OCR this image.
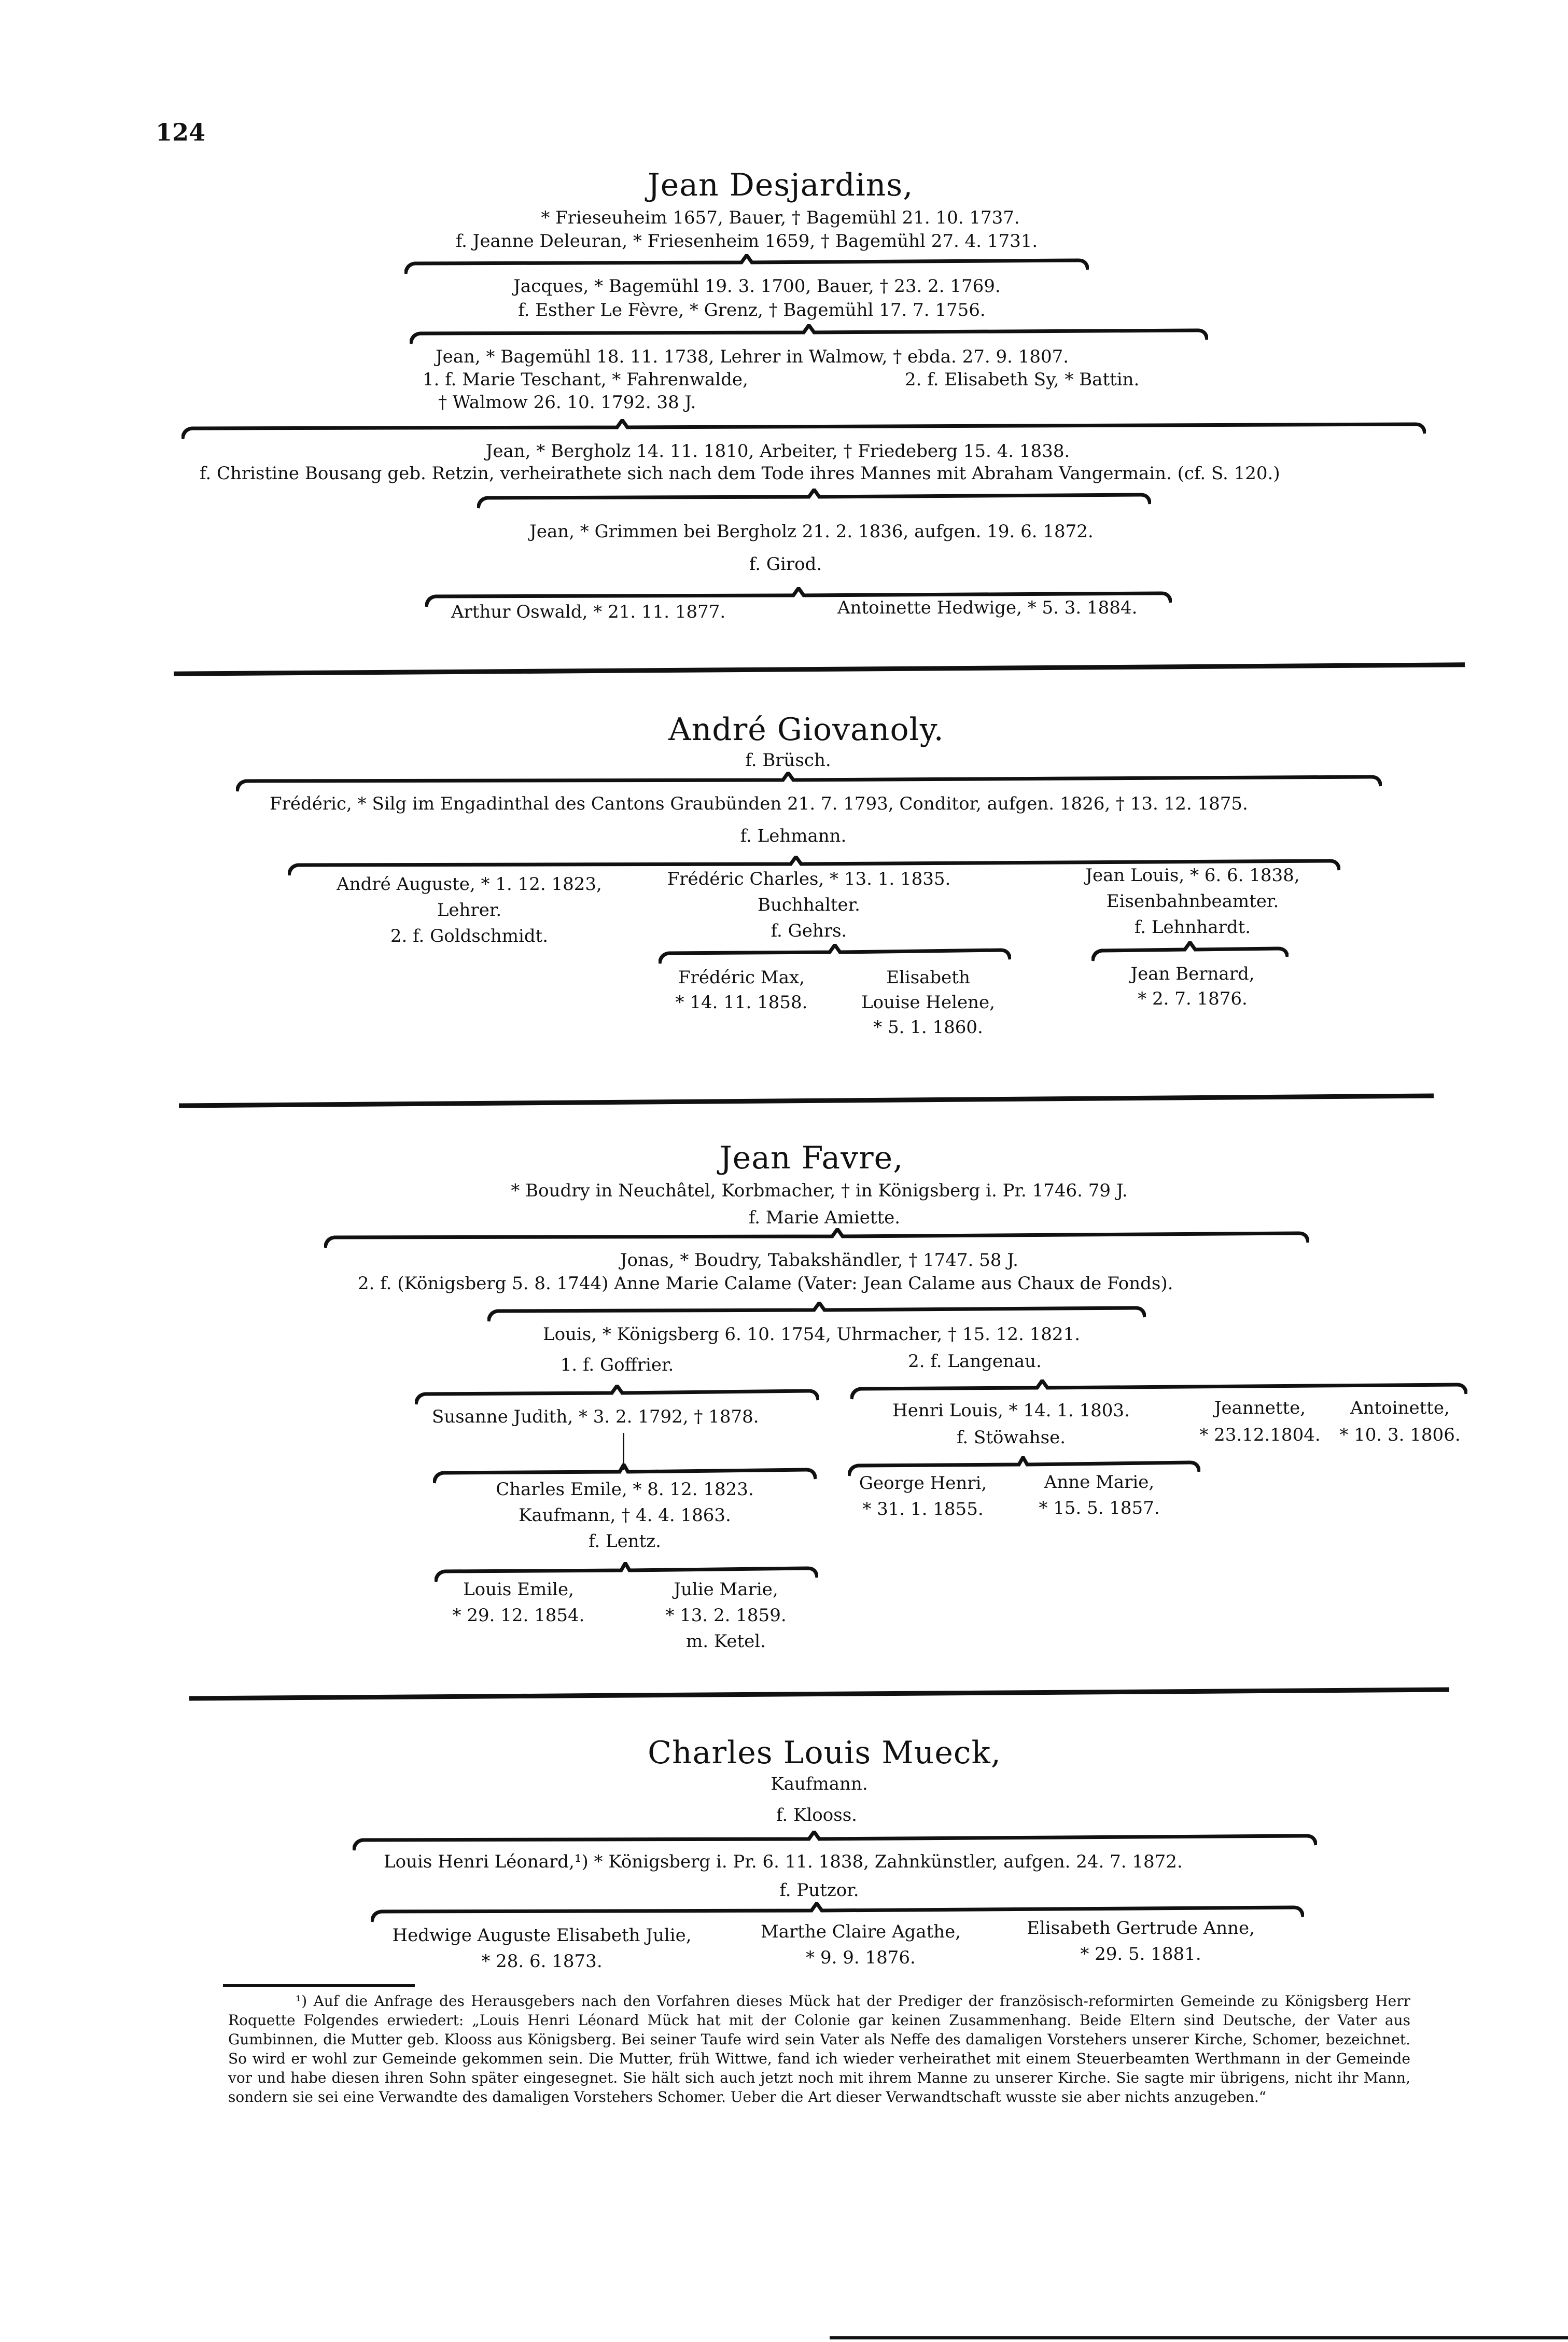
124
Jean Desjardins,
* Frieseuheim 1657, Bauer, † Bagemühl 21. 10. 1737.
f. Jeanne Deleuran, * Friesenheim 1659, † Bagemühl 27. 4. 1731.
Jacques, * Bagemühl 19. 3. 1700, Bauer, † 23. 2. 1769.
f. Esther Le Fèvre, * Grenz, † Bagemühl 17. 7. 1756.
Jean, * Bagemühl 18. 11. 1738, Lehrer in Walmow, † ebda. 27. 9. 1807.
1. f. Marie Teschant, * Fahrenwalde,	2. f. Elisabeth Sy, * Battin.
† Walmow 26. 10. 1792. 38 J.
Jean, * Bergholz 14. 11. 1810, Arbeiter, † Friedeberg 15. 4. 1838.
f. Christine Bousang geb. Retzin, verheirathete sich nach dem Tode ihres Mannes mit Abraham Vangermain. (cf. S. 120.)
Jean, * Grimmen bei Bergholz 21. 2. 1836, aufgen. 19. 6. 1872.
f. Girod.
Arthur Oswald, * 21. 11. 1877.	Antoinette Hedwige, * 5. 3. 1884.
André Giovanoly.
f. Brüsch.
Frédéric, * Silg im Engadinthal des Cantons Graubünden 21. 7. 1793, Conditor, aufgen. 1826, † 13. 12. 1875.
f. Lehmann.
André Auguste, * 1. 12. 1823,
Lehrer.
2. f. Goldschmidt.
Frédéric Charles, * 13. 1. 1835.
Buchhalter.
f. Gehrs.
Jean Louis, * 6. 6. 1838,
Eisenbahnbeamter.
f. Lehnhardt.
Frédéric Max,
* 14. 11. 1858.
Elisabeth
Louise Helene,
* 5. 1. 1860.
Jean Bernard,
* 2. 7. 1876.
Jean Favre,
* Boudry in Neuchâtel, Korbmacher, † in Königsberg i. Pr. 1746. 79 J.
f. Marie Amiette.
Jonas, * Boudry, Tabakshändler, † 1747. 58 J.
2. f. (Königsberg 5. 8. 1744) Anne Marie Calame (Vater: Jean Calame aus Chaux de Fonds).
Louis, * Königsberg 6. 10. 1754, Uhrmacher, † 15. 12. 1821.
1. f. Goffrier.	2. f. Langenau.
Susanne Judith, * 3. 2. 1792, † 1878.	Henri Louis, * 14. 1. 1803.
f. Stöwahse.
Jeannette,
* 23.12.1804.
Antoinette,
* 10. 3. 1806.
Charles Emile, * 8. 12. 1823.
Kaufmann, † 4. 4. 1863.
f. Lentz.
George Henri,
* 31. 1. 1855.
Anne Marie,
* 15. 5. 1857.
Louis Emile,
* 29. 12. 1854.
Julie Marie,
* 13. 2. 1859.
m. Ketel.
Charles Louis Mueck,
Kaufmann.
f. Klooss.
Louis Henri Léonard,¹) * Königsberg i. Pr. 6. 11. 1838, Zahnkünstler, aufgen. 24. 7. 1872.
f. Putzor.
Hedwige Auguste Elisabeth Julie,
* 28. 6. 1873.
Marthe Claire Agathe,
* 9. 9. 1876.
Elisabeth Gertrude Anne,
* 29. 5. 1881.
¹) Auf die Anfrage des Herausgebers nach den Vorfahren dieses Mück hat der Prediger der französisch-reformirten Gemeinde zu Königsberg Herr Roquette Folgendes erwiedert: „Louis Henri Léonard Mück hat mit der Colonie gar keinen Zusammenhang. Beide Eltern sind Deutsche, der Vater aus Gumbinnen, die Mutter geb. Klooss aus Königsberg. Bei seiner Taufe wird sein Vater als Neffe des damaligen Vorstehers unserer Kirche, Schomer, bezeichnet. So wird er wohl zur Gemeinde gekommen sein. Die Mutter, früh Wittwe, fand ich wieder verheirathet mit einem Steuerbeamten Werthmann in der Gemeinde vor und habe diesen ihren Sohn später eingesegnet. Sie hält sich auch jetzt noch mit ihrem Manne zu unserer Kirche. Sie sagte mir übrigens, nicht ihr Mann, sondern sie sei eine Verwandte des damaligen Vorstehers Schomer. Ueber die Art dieser Verwandtschaft wusste sie aber nichts anzugeben.“
